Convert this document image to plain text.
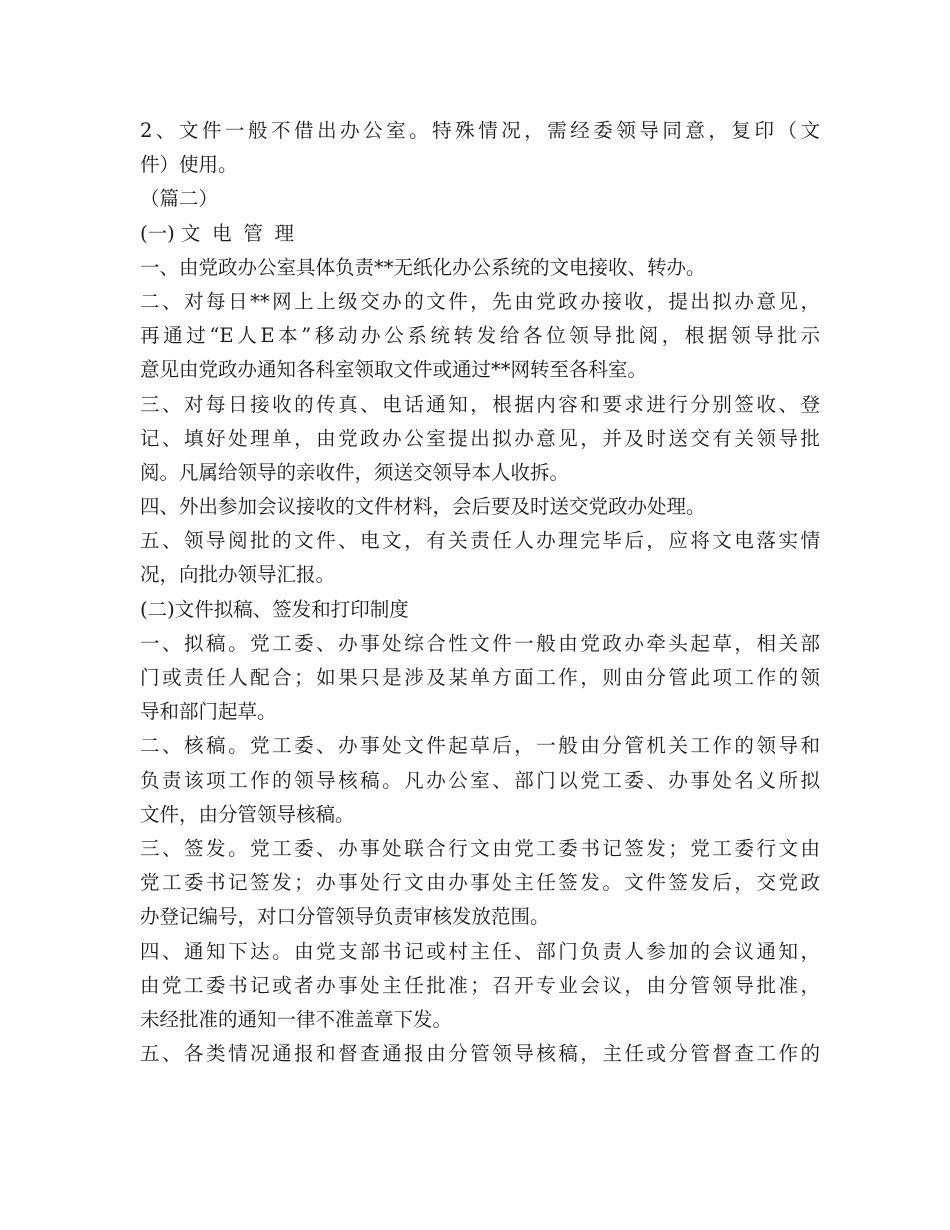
2、文件一般不借出办公室。特殊情况，需经委领导同意，复印（文
件）使用。
（篇二）
(一) 文电管理
一、由党政办公室具体负责**无纸化办公系统的文电接收、转办。
二、对每日**网上上级交办的文件，先由党政办接收，提出拟办意见，
再通过“E人E本”移动办公系统转发给各位领导批阅，根据领导批示
意见由党政办通知各科室领取文件或通过**网转至各科室。
三、对每日接收的传真、电话通知，根据内容和要求进行分别签收、登
记、填好处理单，由党政办公室提出拟办意见，并及时送交有关领导批
阅。凡属给领导的亲收件，须送交领导本人收拆。
四、外出参加会议接收的文件材料，会后要及时送交党政办处理。
五、领导阅批的文件、电文，有关责任人办理完毕后，应将文电落实情
况，向批办领导汇报。
(二)文件拟稿、签发和打印制度
一、拟稿。党工委、办事处综合性文件一般由党政办牵头起草，相关部
门或责任人配合；如果只是涉及某单方面工作，则由分管此项工作的领
导和部门起草。
二、核稿。党工委、办事处文件起草后，一般由分管机关工作的领导和
负责该项工作的领导核稿。凡办公室、部门以党工委、办事处名义所拟
文件，由分管领导核稿。
三、签发。党工委、办事处联合行文由党工委书记签发；党工委行文由
党工委书记签发；办事处行文由办事处主任签发。文件签发后，交党政
办登记编号，对口分管领导负责审核发放范围。
四、通知下达。由党支部书记或村主任、部门负责人参加的会议通知，
由党工委书记或者办事处主任批准；召开专业会议，由分管领导批准，
未经批准的通知一律不准盖章下发。
五、各类情况通报和督查通报由分管领导核稿，主任或分管督查工作的
